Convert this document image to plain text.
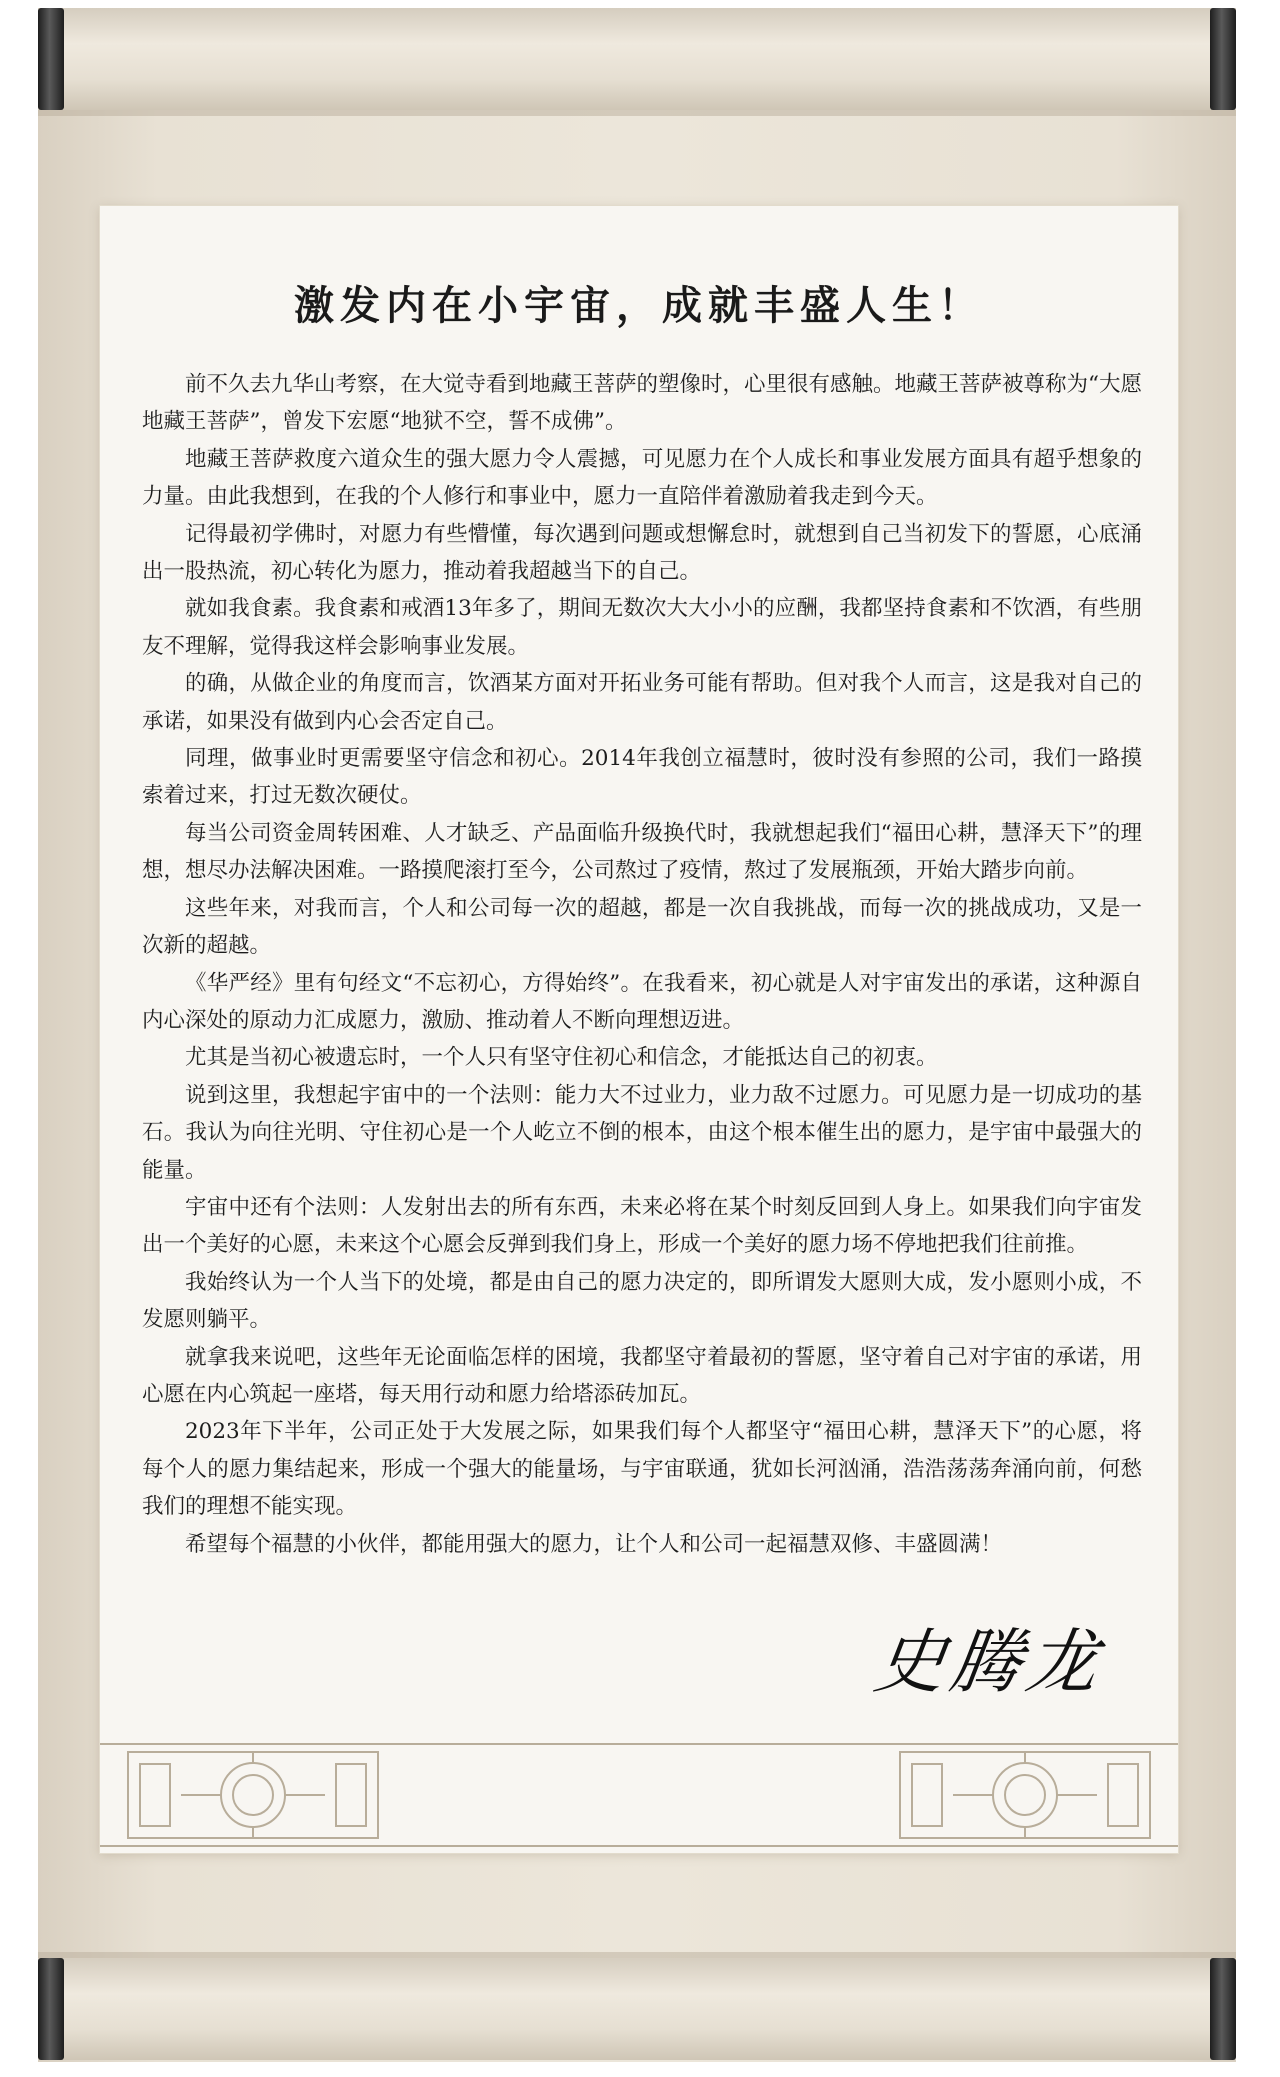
激发内在小宇宙，成就丰盛人生！

前不久去九华山考察，在大觉寺看到地藏王菩萨的塑像时，心里很有感触。地藏王菩萨被尊称为“大愿地藏王菩萨”，曾发下宏愿“地狱不空，誓不成佛”。

地藏王菩萨救度六道众生的强大愿力令人震撼，可见愿力在个人成长和事业发展方面具有超乎想象的力量。由此我想到，在我的个人修行和事业中，愿力一直陪伴着激励着我走到今天。

记得最初学佛时，对愿力有些懵懂，每次遇到问题或想懈怠时，就想到自己当初发下的誓愿，心底涌出一股热流，初心转化为愿力，推动着我超越当下的自己。

就如我食素。我食素和戒酒13年多了，期间无数次大大小小的应酬，我都坚持食素和不饮酒，有些朋友不理解，觉得我这样会影响事业发展。

的确，从做企业的角度而言，饮酒某方面对开拓业务可能有帮助。但对我个人而言，这是我对自己的承诺，如果没有做到内心会否定自己。

同理，做事业时更需要坚守信念和初心。2014年我创立福慧时，彼时没有参照的公司，我们一路摸索着过来，打过无数次硬仗。

每当公司资金周转困难、人才缺乏、产品面临升级换代时，我就想起我们“福田心耕，慧泽天下”的理想，想尽办法解决困难。一路摸爬滚打至今，公司熬过了疫情，熬过了发展瓶颈，开始大踏步向前。

这些年来，对我而言，个人和公司每一次的超越，都是一次自我挑战，而每一次的挑战成功，又是一次新的超越。

《华严经》里有句经文“不忘初心，方得始终”。在我看来，初心就是人对宇宙发出的承诺，这种源自内心深处的原动力汇成愿力，激励、推动着人不断向理想迈进。

尤其是当初心被遗忘时，一个人只有坚守住初心和信念，才能抵达自己的初衷。

说到这里，我想起宇宙中的一个法则：能力大不过业力，业力敌不过愿力。可见愿力是一切成功的基石。我认为向往光明、守住初心是一个人屹立不倒的根本，由这个根本催生出的愿力，是宇宙中最强大的能量。

宇宙中还有个法则：人发射出去的所有东西，未来必将在某个时刻反回到人身上。如果我们向宇宙发出一个美好的心愿，未来这个心愿会反弹到我们身上，形成一个美好的愿力场不停地把我们往前推。

我始终认为一个人当下的处境，都是由自己的愿力决定的，即所谓发大愿则大成，发小愿则小成，不发愿则躺平。

就拿我来说吧，这些年无论面临怎样的困境，我都坚守着最初的誓愿，坚守着自己对宇宙的承诺，用心愿在内心筑起一座塔，每天用行动和愿力给塔添砖加瓦。

2023年下半年，公司正处于大发展之际，如果我们每个人都坚守“福田心耕，慧泽天下”的心愿，将每个人的愿力集结起来，形成一个强大的能量场，与宇宙联通，犹如长河汹涌，浩浩荡荡奔涌向前，何愁我们的理想不能实现。

希望每个福慧的小伙伴，都能用强大的愿力，让个人和公司一起福慧双修、丰盛圆满！

史腾龙
